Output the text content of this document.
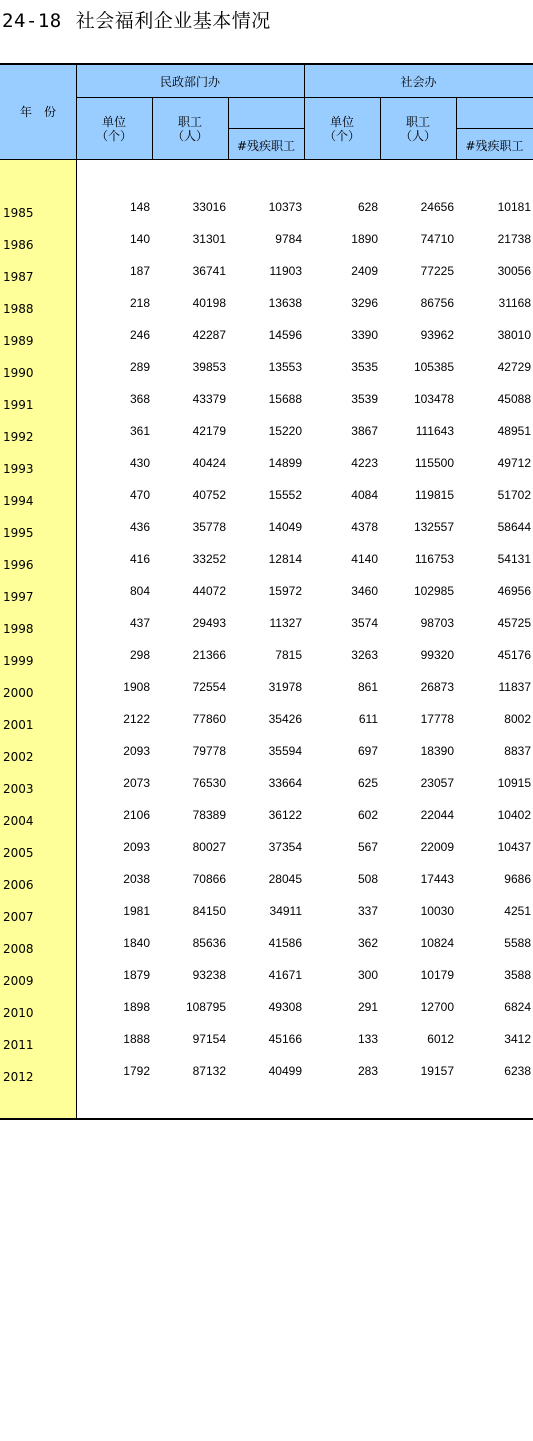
24-18 社会福利企业基本情况
年　份
民政部门办	社会办
单位
（个）
职工
（人）
#残疾职工
单位
（个）
职工
（人）
#残疾职工
1985	148	33016	10373	628	24656	10181
1986	140	31301	9784	1890	74710	21738
1987	187	36741	11903	2409	77225	30056
1988	218	40198	13638	3296	86756	31168
1989	246	42287	14596	3390	93962	38010
1990	289	39853	13553	3535	105385	42729
1991	368	43379	15688	3539	103478	45088
1992	361	42179	15220	3867	111643	48951
1993	430	40424	14899	4223	115500	49712
1994	470	40752	15552	4084	119815	51702
1995	436	35778	14049	4378	132557	58644
1996	416	33252	12814	4140	116753	54131
1997	804	44072	15972	3460	102985	46956
1998	437	29493	11327	3574	98703	45725
1999	298	21366	7815	3263	99320	45176
2000	1908	72554	31978	861	26873	11837
2001	2122	77860	35426	611	17778	8002
2002	2093	79778	35594	697	18390	8837
2003	2073	76530	33664	625	23057	10915
2004	2106	78389	36122	602	22044	10402
2005	2093	80027	37354	567	22009	10437
2006	2038	70866	28045	508	17443	9686
2007	1981	84150	34911	337	10030	4251
2008	1840	85636	41586	362	10824	5588
2009	1879	93238	41671	300	10179	3588
2010	1898	108795	49308	291	12700	6824
2011	1888	97154	45166	133	6012	3412
2012	1792	87132	40499	283	19157	6238
